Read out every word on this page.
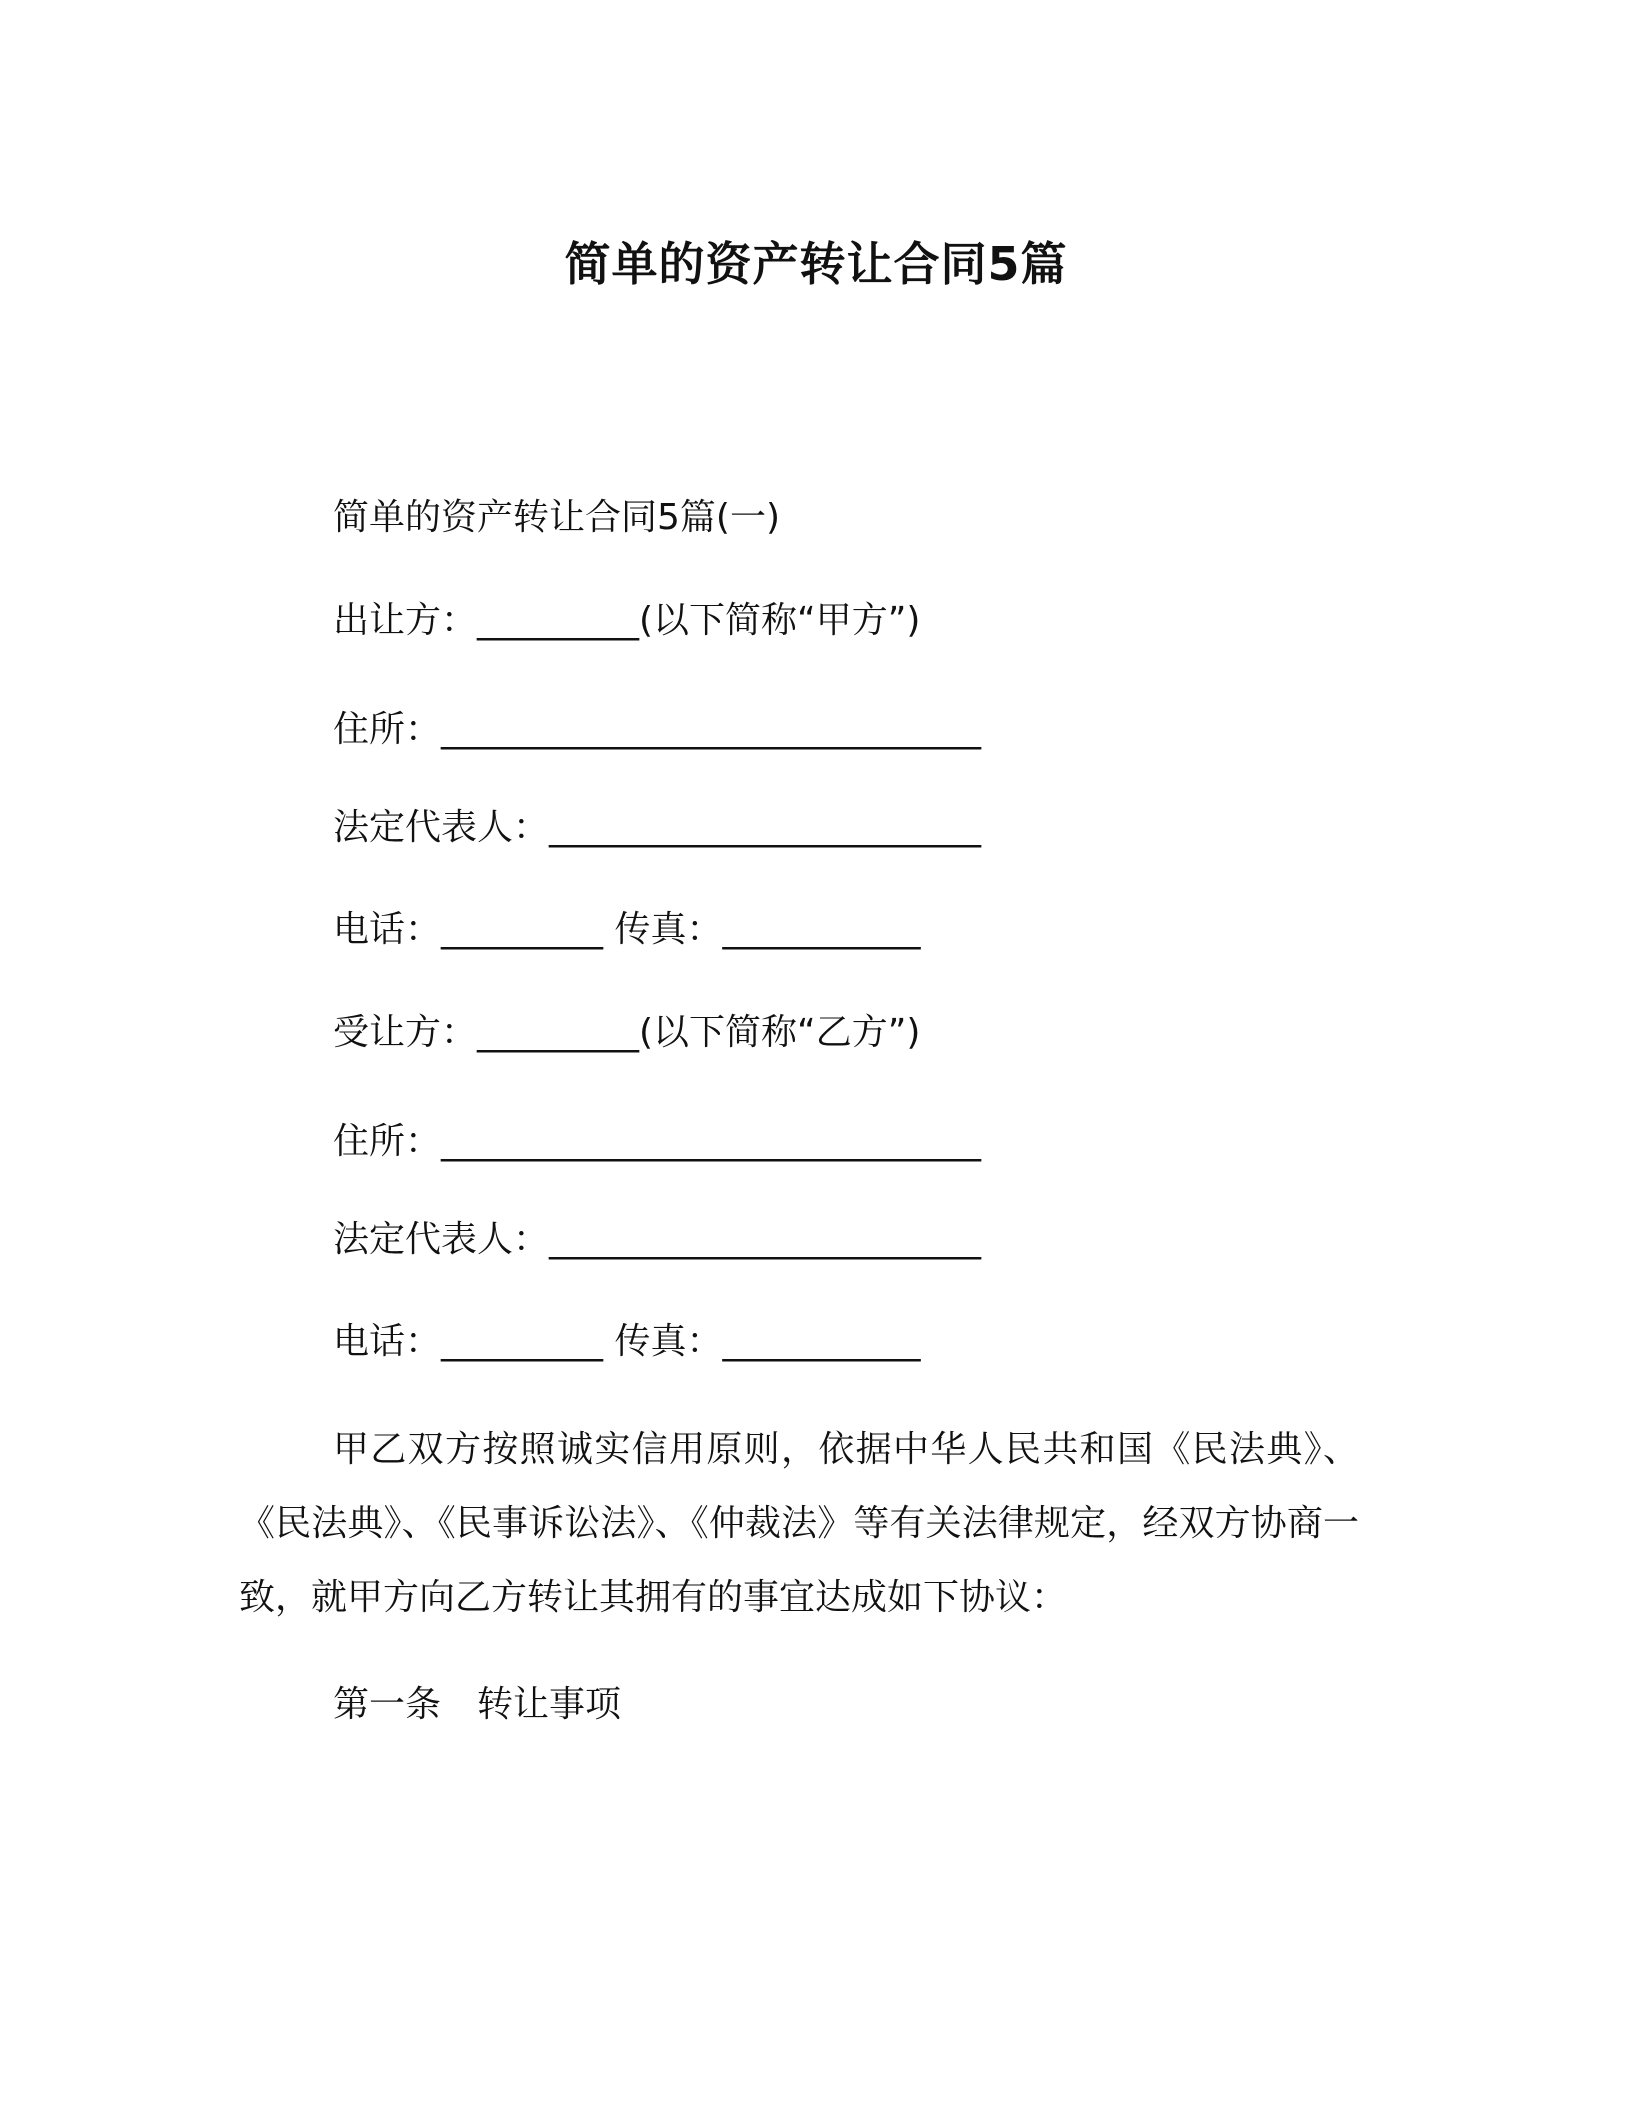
简单的资产转让合同5篇
简单的资产转让合同5篇(一)
出让方：_________(以下简称“甲方”)
住所：______________________________
法定代表人：________________________
电话：_________ 传真：___________
受让方：_________(以下简称“乙方”)
住所：______________________________
法定代表人：________________________
电话：_________ 传真：___________
甲乙双方按照诚实信用原则，依据中华人民共和国《民法典》、《民法典》、《民事诉讼法》、《仲裁法》等有关法律规定，经双方协商一致，就甲方向乙方转让其拥有的事宜达成如下协议：
第一条　转让事项
